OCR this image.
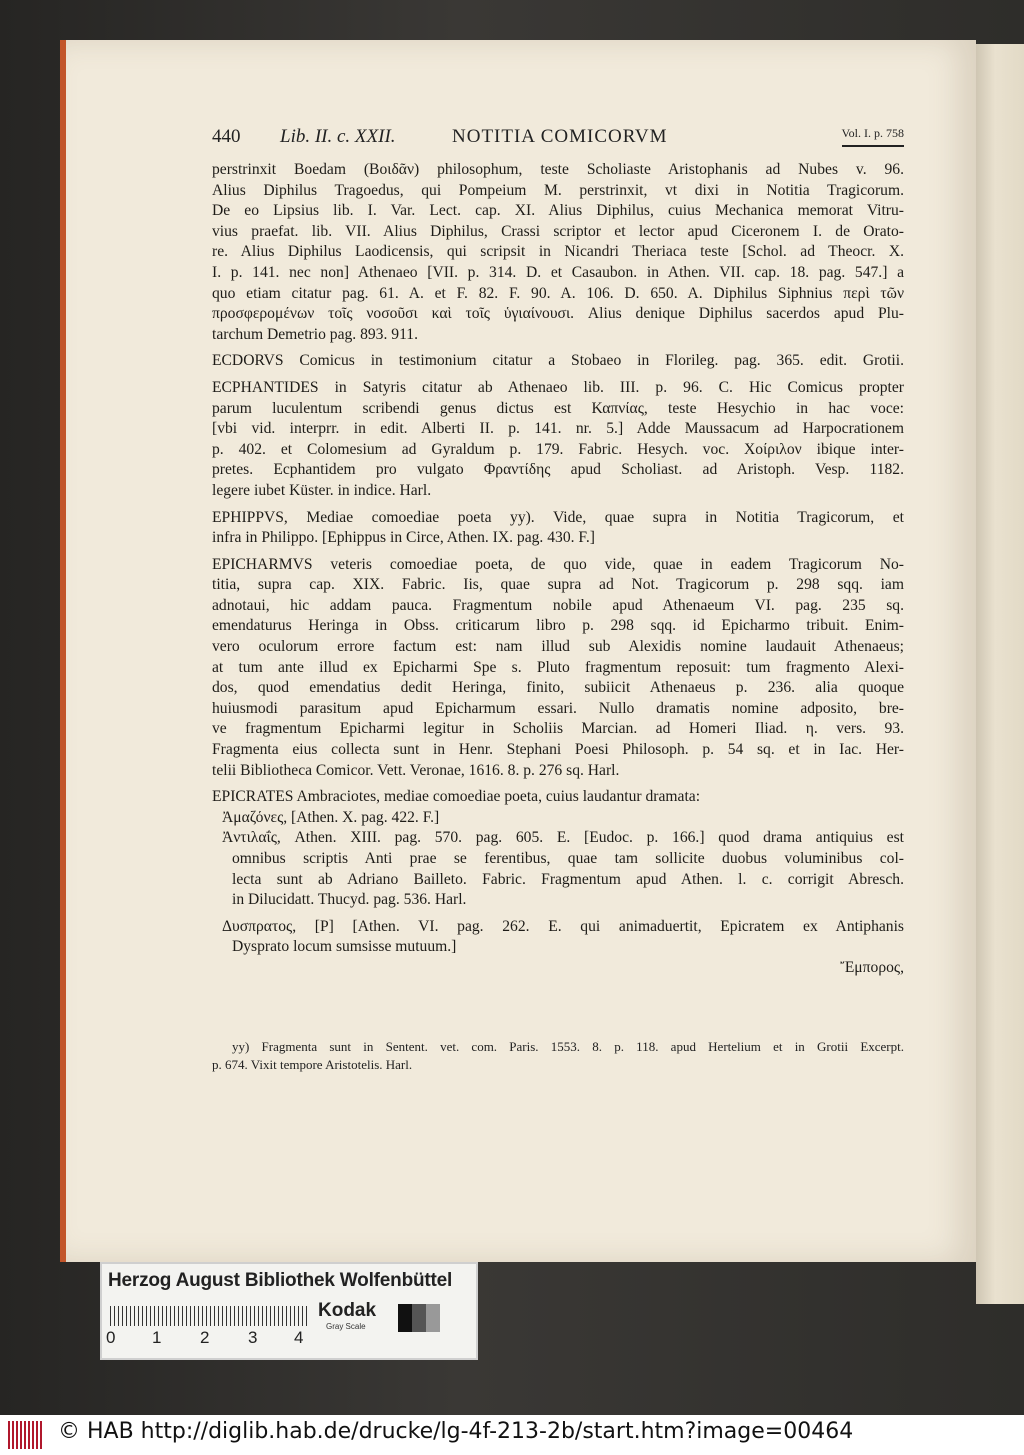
440 Lib. II. c. XXII.	NOTITIA COMICORVM	Vol. I. p. 758
perstrinxit Boedam (Βοιδᾶν) philosophum, teste Scholiaste Aristophanis ad Nubes v. 96.
Alius Diphilus Tragoedus, qui Pompeium M. perstrinxit, vt dixi in Notitia Tragicorum.
De eo Lipsius lib. I. Var. Lect. cap. XI. Alius Diphilus, cuius Mechanica memorat Vitru-
vius praefat. lib. VII. Alius Diphilus, Crassi scriptor et lector apud Ciceronem I. de Orato-
re. Alius Diphilus Laodicensis, qui scripsit in Nicandri Theriaca teste [Schol. ad Theocr. X.
I. p. 141. nec non] Athenaeo [VII. p. 314. D. et Casaubon. in Athen. VII. cap. 18. pag. 547.] a
quo etiam citatur pag. 61. A. et F. 82. F. 90. A. 106. D. 650. A. Diphilus Siphnius περὶ τῶν
προσφερομένων τοῖς νοσοῦσι καὶ τοῖς ὑγιαίνουσι. Alius denique Diphilus sacerdos apud Plu-
tarchum Demetrio pag. 893. 911.
ECDORVS Comicus in testimonium citatur a Stobaeo in Florileg. pag. 365. edit. Grotii.
ECPHANTIDES in Satyris citatur ab Athenaeo lib. III. p. 96. C. Hic Comicus propter
parum luculentum scribendi genus dictus est Καπνίας, teste Hesychio in hac voce:
[vbi vid. interprr. in edit. Alberti II. p. 141. nr. 5.] Adde Maussacum ad Harpocrationem
p. 402. et Colomesium ad Gyraldum p. 179. Fabric. Hesych. voc. Χοίριλον ibique inter-
pretes. Ecphantidem pro vulgato Φραντίδης apud Scholiast. ad Aristoph. Vesp. 1182.
legere iubet Küster. in indice. Harl.
EPHIPPVS, Mediae comoediae poeta yy). Vide, quae supra in Notitia Tragicorum, et
infra in Philippo. [Ephippus in Circe, Athen. IX. pag. 430. F.]
EPICHARMVS veteris comoediae poeta, de quo vide, quae in eadem Tragicorum No-
titia, supra cap. XIX. Fabric. Iis, quae supra ad Not. Tragicorum p. 298 sqq. iam
adnotaui, hic addam pauca. Fragmentum nobile apud Athenaeum VI. pag. 235 sq.
emendaturus Heringa in Obss. criticarum libro p. 298 sqq. id Epicharmo tribuit. Enim-
vero oculorum errore factum est: nam illud sub Alexidis nomine laudauit Athenaeus;
at tum ante illud ex Epicharmi Spe s. Pluto fragmentum reposuit: tum fragmento Alexi-
dos, quod emendatius dedit Heringa, finito, subiicit Athenaeus p. 236. alia quoque
huiusmodi parasitum apud Epicharmum essari. Nullo dramatis nomine adposito, bre-
ve fragmentum Epicharmi legitur in Scholiis Marcian. ad Homeri Iliad. η. vers. 93.
Fragmenta eius collecta sunt in Henr. Stephani Poesi Philosoph. p. 54 sq. et in Iac. Her-
telii Bibliotheca Comicor. Vett. Veronae, 1616. 8. p. 276 sq. Harl.
EPICRATES Ambraciotes, mediae comoediae poeta, cuius laudantur dramata:
Ἀμαζόνες, [Athen. X. pag. 422. F.]
Ἀντιλαΐς, Athen. XIII. pag. 570. pag. 605. E. [Eudoc. p. 166.] quod drama antiquius est
omnibus scriptis Anti prae se ferentibus, quae tam sollicite duobus voluminibus col-
lecta sunt ab Adriano Bailleto. Fabric. Fragmentum apud Athen. l. c. corrigit Abresch.
in Dilucidatt. Thucyd. pag. 536. Harl.
Δυσπρατος, [P] [Athen. VI. pag. 262. E. qui animaduertit, Epicratem ex Antiphanis
Dysprato locum sumsisse mutuum.]
Ἔμπορος,
yy) Fragmenta sunt in Sentent. vet. com. Paris. 1553. 8. p. 118. apud Hertelium et in Grotii Excerpt.
p. 674. Vixit tempore Aristotelis. Harl.
Herzog August Bibliothek Wolfenbüttel
0 1 2 3 4
Kodak
Gray Scale
© HAB http://diglib.hab.de/drucke/lg-4f-213-2b/start.htm?image=00464
